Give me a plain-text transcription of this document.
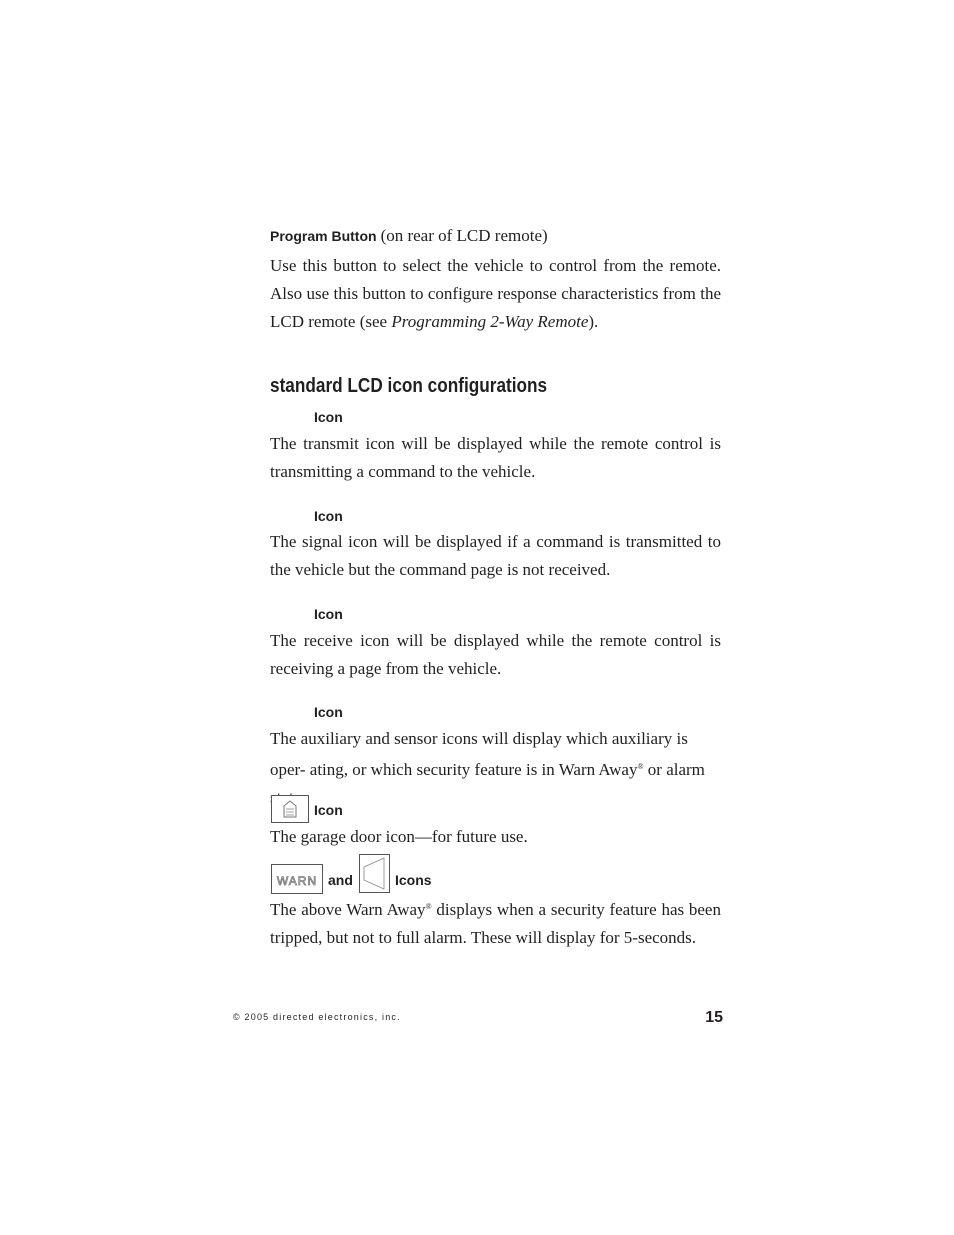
Program Button (on rear of LCD remote)

Use this button to select the vehicle to control from the remote. Also use this button to configure response characteristics from the LCD remote (see Programming 2-Way Remote).

standard LCD icon configurations
Icon

The transmit icon will be displayed while the remote control is transmitting a command to the vehicle.

Icon

The signal icon will be displayed if a command is transmitted to the vehicle but the command page is not received.

Icon

The receive icon will be displayed while the remote control is receiving a page from the vehicle.

Icon

The auxiliary and sensor icons will display which auxiliary is oper- ating, or which security feature is in Warn Away® or alarm

Icon

The garage door icon—for future use.

WARN and	Icons

The above Warn Away® displays when a security feature has been tripped, but not to full alarm. These will display for 5-seconds.

© 2005 directed electronics, inc.	15
